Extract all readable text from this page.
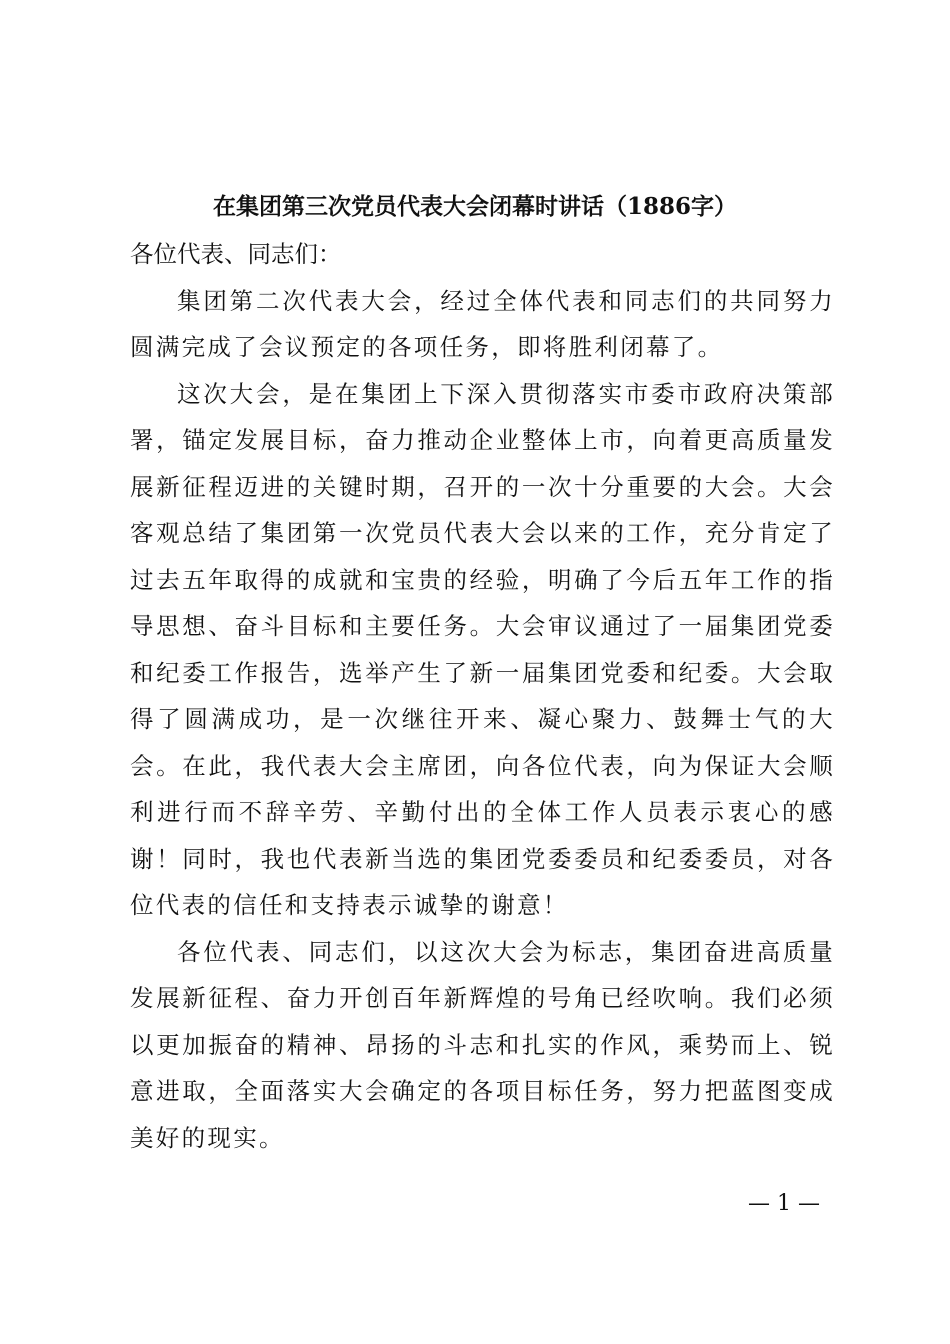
在集团第三次党员代表大会闭幕时讲话（1886字）

各位代表、同志们：

集团第二次代表大会，经过全体代表和同志们的共同努力圆满完成了会议预定的各项任务，即将胜利闭幕了。

这次大会，是在集团上下深入贯彻落实市委市政府决策部署，锚定发展目标，奋力推动企业整体上市，向着更高质量发展新征程迈进的关键时期，召开的一次十分重要的大会。大会客观总结了集团第一次党员代表大会以来的工作，充分肯定了过去五年取得的成就和宝贵的经验，明确了今后五年工作的指导思想、奋斗目标和主要任务。大会审议通过了一届集团党委和纪委工作报告，选举产生了新一届集团党委和纪委。大会取得了圆满成功，是一次继往开来、凝心聚力、鼓舞士气的大会。在此，我代表大会主席团，向各位代表，向为保证大会顺利进行而不辞辛劳、辛勤付出的全体工作人员表示衷心的感谢！同时，我也代表新当选的集团党委委员和纪委委员，对各位代表的信任和支持表示诚挚的谢意！

各位代表、同志们，以这次大会为标志，集团奋进高质量发展新征程、奋力开创百年新辉煌的号角已经吹响。我们必须以更加振奋的精神、昂扬的斗志和扎实的作风，乘势而上、锐意进取，全面落实大会确定的各项目标任务，努力把蓝图变成美好的现实。

— 1 —
